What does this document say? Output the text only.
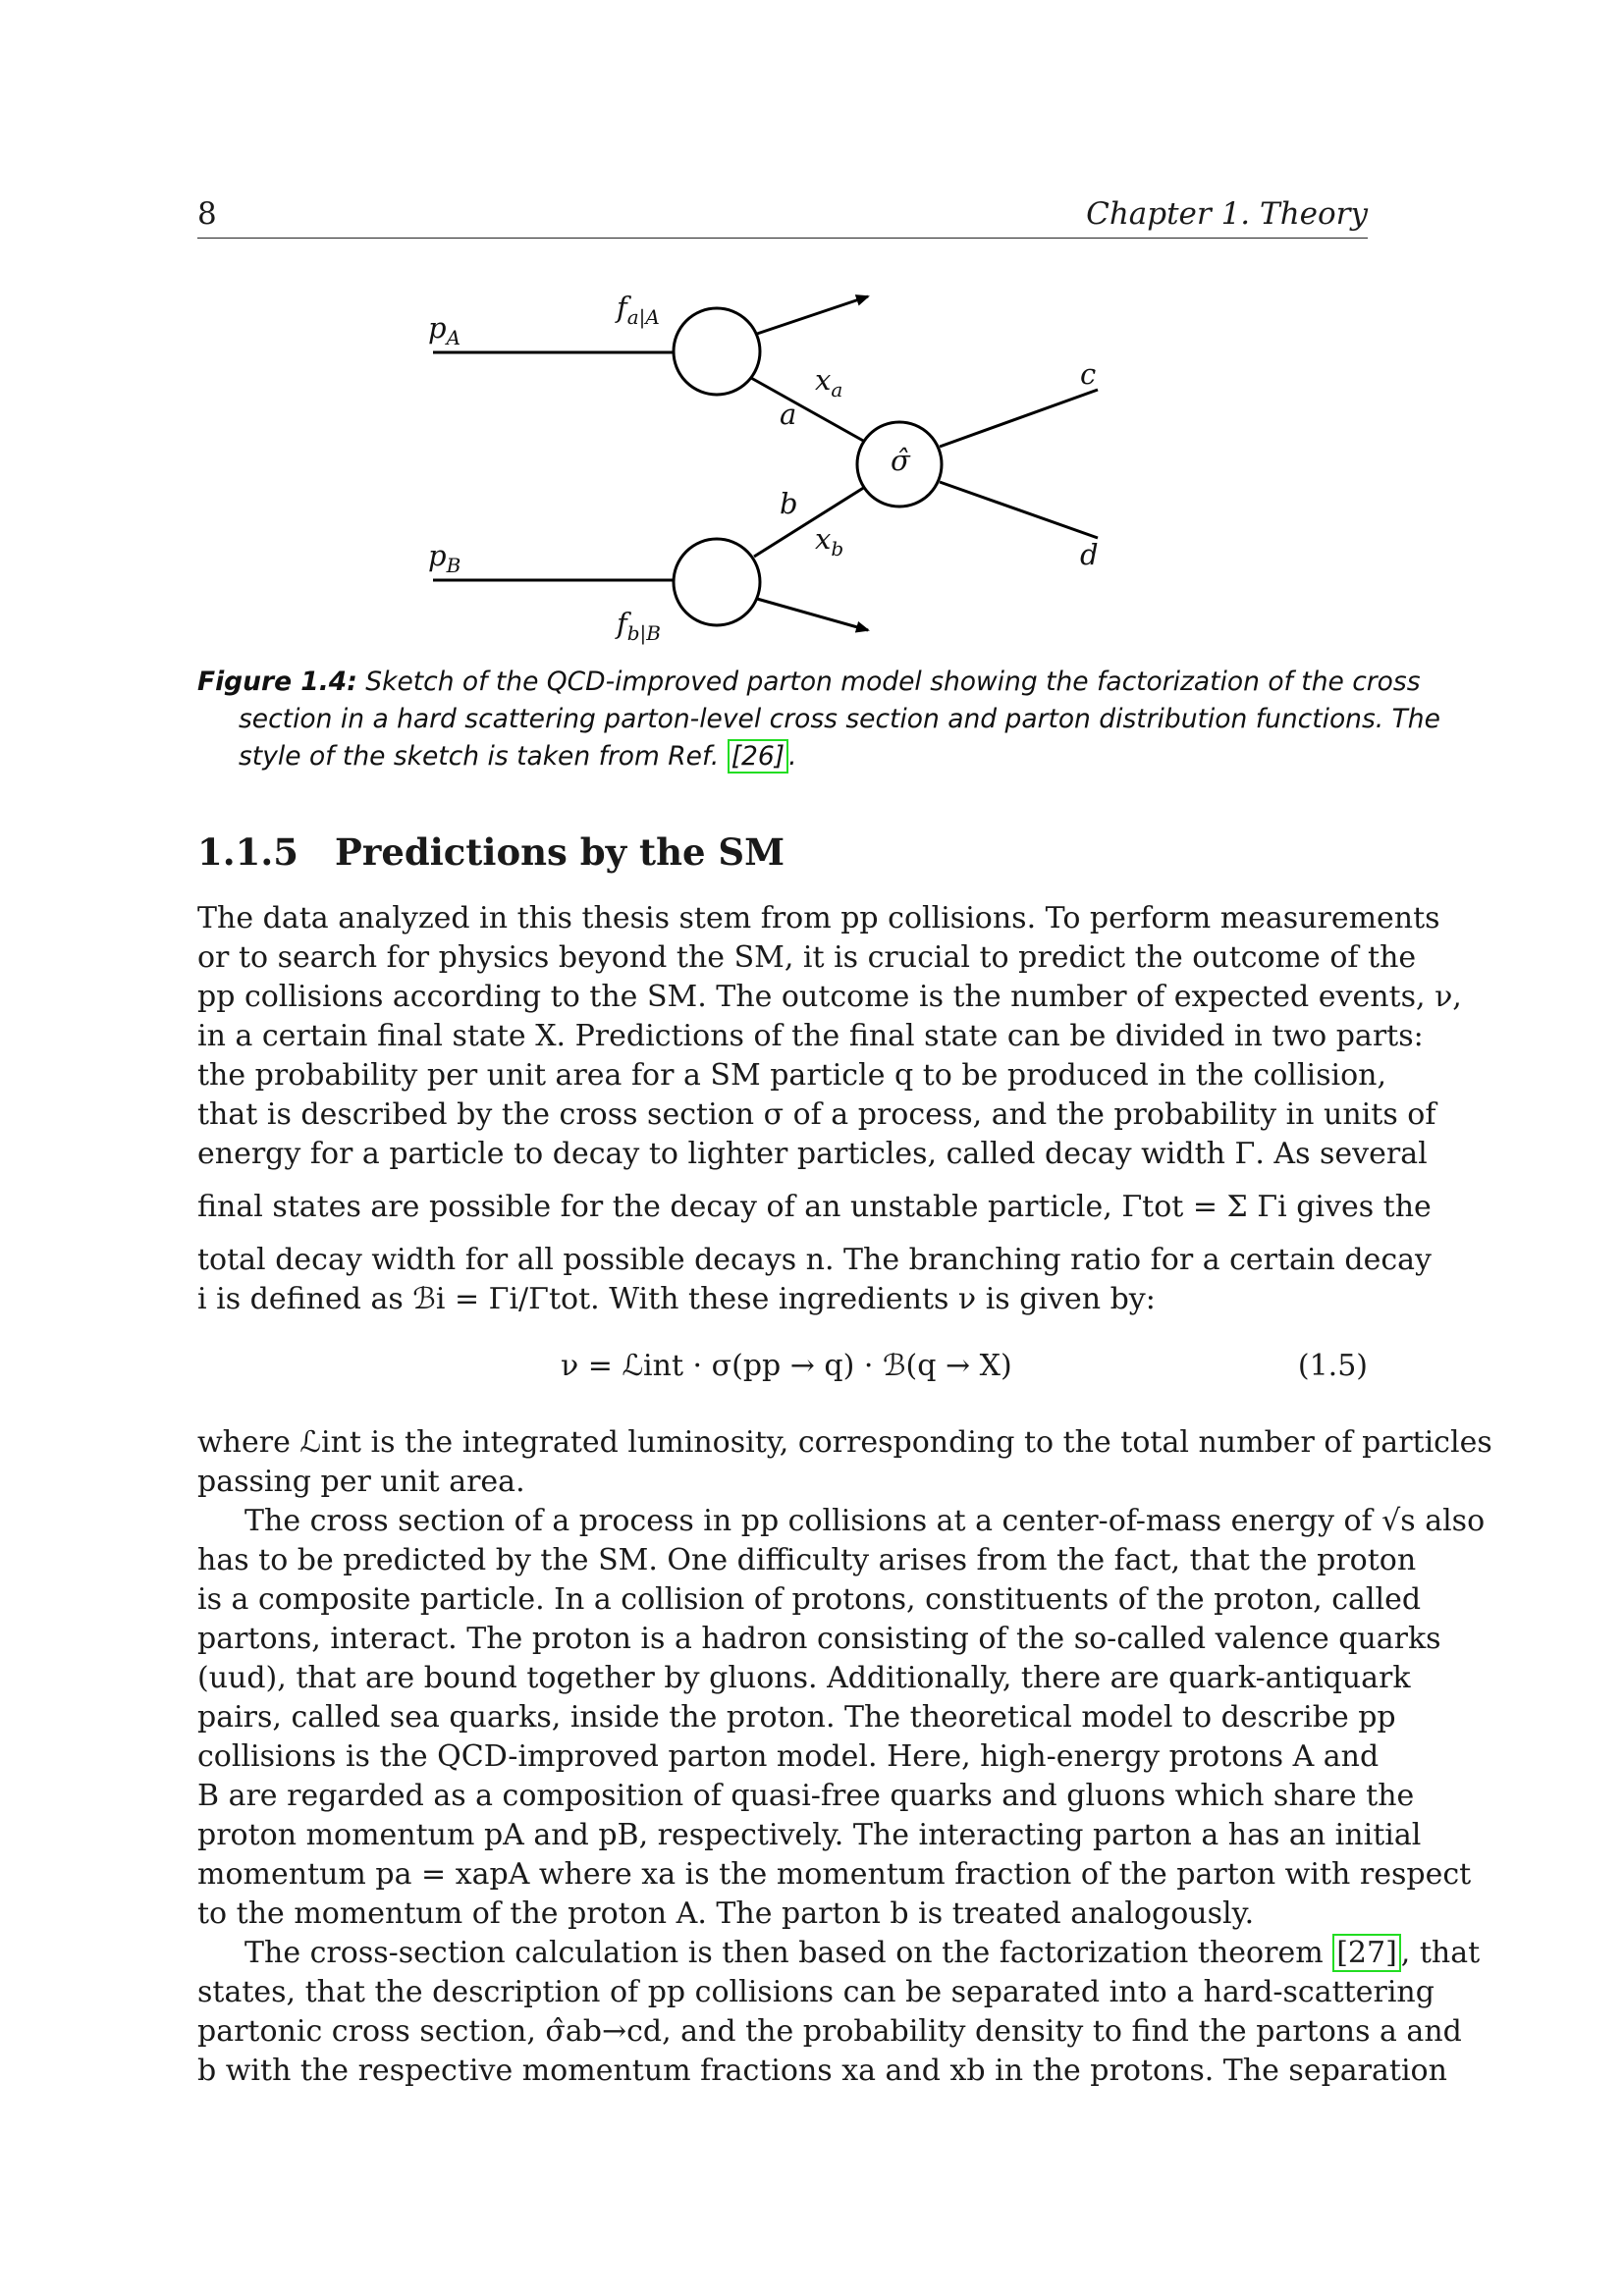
8	Chapter 1. Theory
$p_A$
$p_B$
$f_{a|A}$
$f_{b|B}$
$x_a$
$x_b$
a
b
σ̂
c
d
Figure 1.4: Sketch of the QCD-improved parton model showing the factorization of the cross
section in a hard scattering parton-level cross section and parton distribution functions. The
style of the sketch is taken from Ref. [26] .
1.1.5 Predictions by the SM
The data analyzed in this thesis stem from pp collisions. To perform measurements
or to search for physics beyond the SM, it is crucial to predict the outcome of the
pp collisions according to the SM. The outcome is the number of expected events, ν,
in a certain final state X. Predictions of the final state can be divided in two parts:
the probability per unit area for a SM particle q to be produced in the collision,
that is described by the cross section σ of a process, and the probability in units of
energy for a particle to decay to lighter particles, called decay width Γ. As several
final states are possible for the decay of an unstable particle, Γtot = Σ Γi gives the
total decay width for all possible decays n. The branching ratio for a certain decay
i is defined as ℬi = Γi/Γtot. With these ingredients ν is given by:
ν = ℒint · σ(pp → q) · ℬ(q → X)	(1.5)
where ℒint is the integrated luminosity, corresponding to the total number of particles
passing per unit area.
The cross section of a process in pp collisions at a center-of-mass energy of √s also
has to be predicted by the SM. One difficulty arises from the fact, that the proton
is a composite particle. In a collision of protons, constituents of the proton, called
partons, interact. The proton is a hadron consisting of the so-called valence quarks
(uud), that are bound together by gluons. Additionally, there are quark-antiquark
pairs, called sea quarks, inside the proton. The theoretical model to describe pp
collisions is the QCD-improved parton model. Here, high-energy protons A and
B are regarded as a composition of quasi-free quarks and gluons which share the
proton momentum pA and pB, respectively. The interacting parton a has an initial
momentum pa = xapA where xa is the momentum fraction of the parton with respect
to the momentum of the proton A. The parton b is treated analogously.
The cross-section calculation is then based on the factorization theorem [27] , that
states, that the description of pp collisions can be separated into a hard-scattering
partonic cross section, σ̂ab→cd, and the probability density to find the partons a and
b with the respective momentum fractions xa and xb in the protons. The separation
